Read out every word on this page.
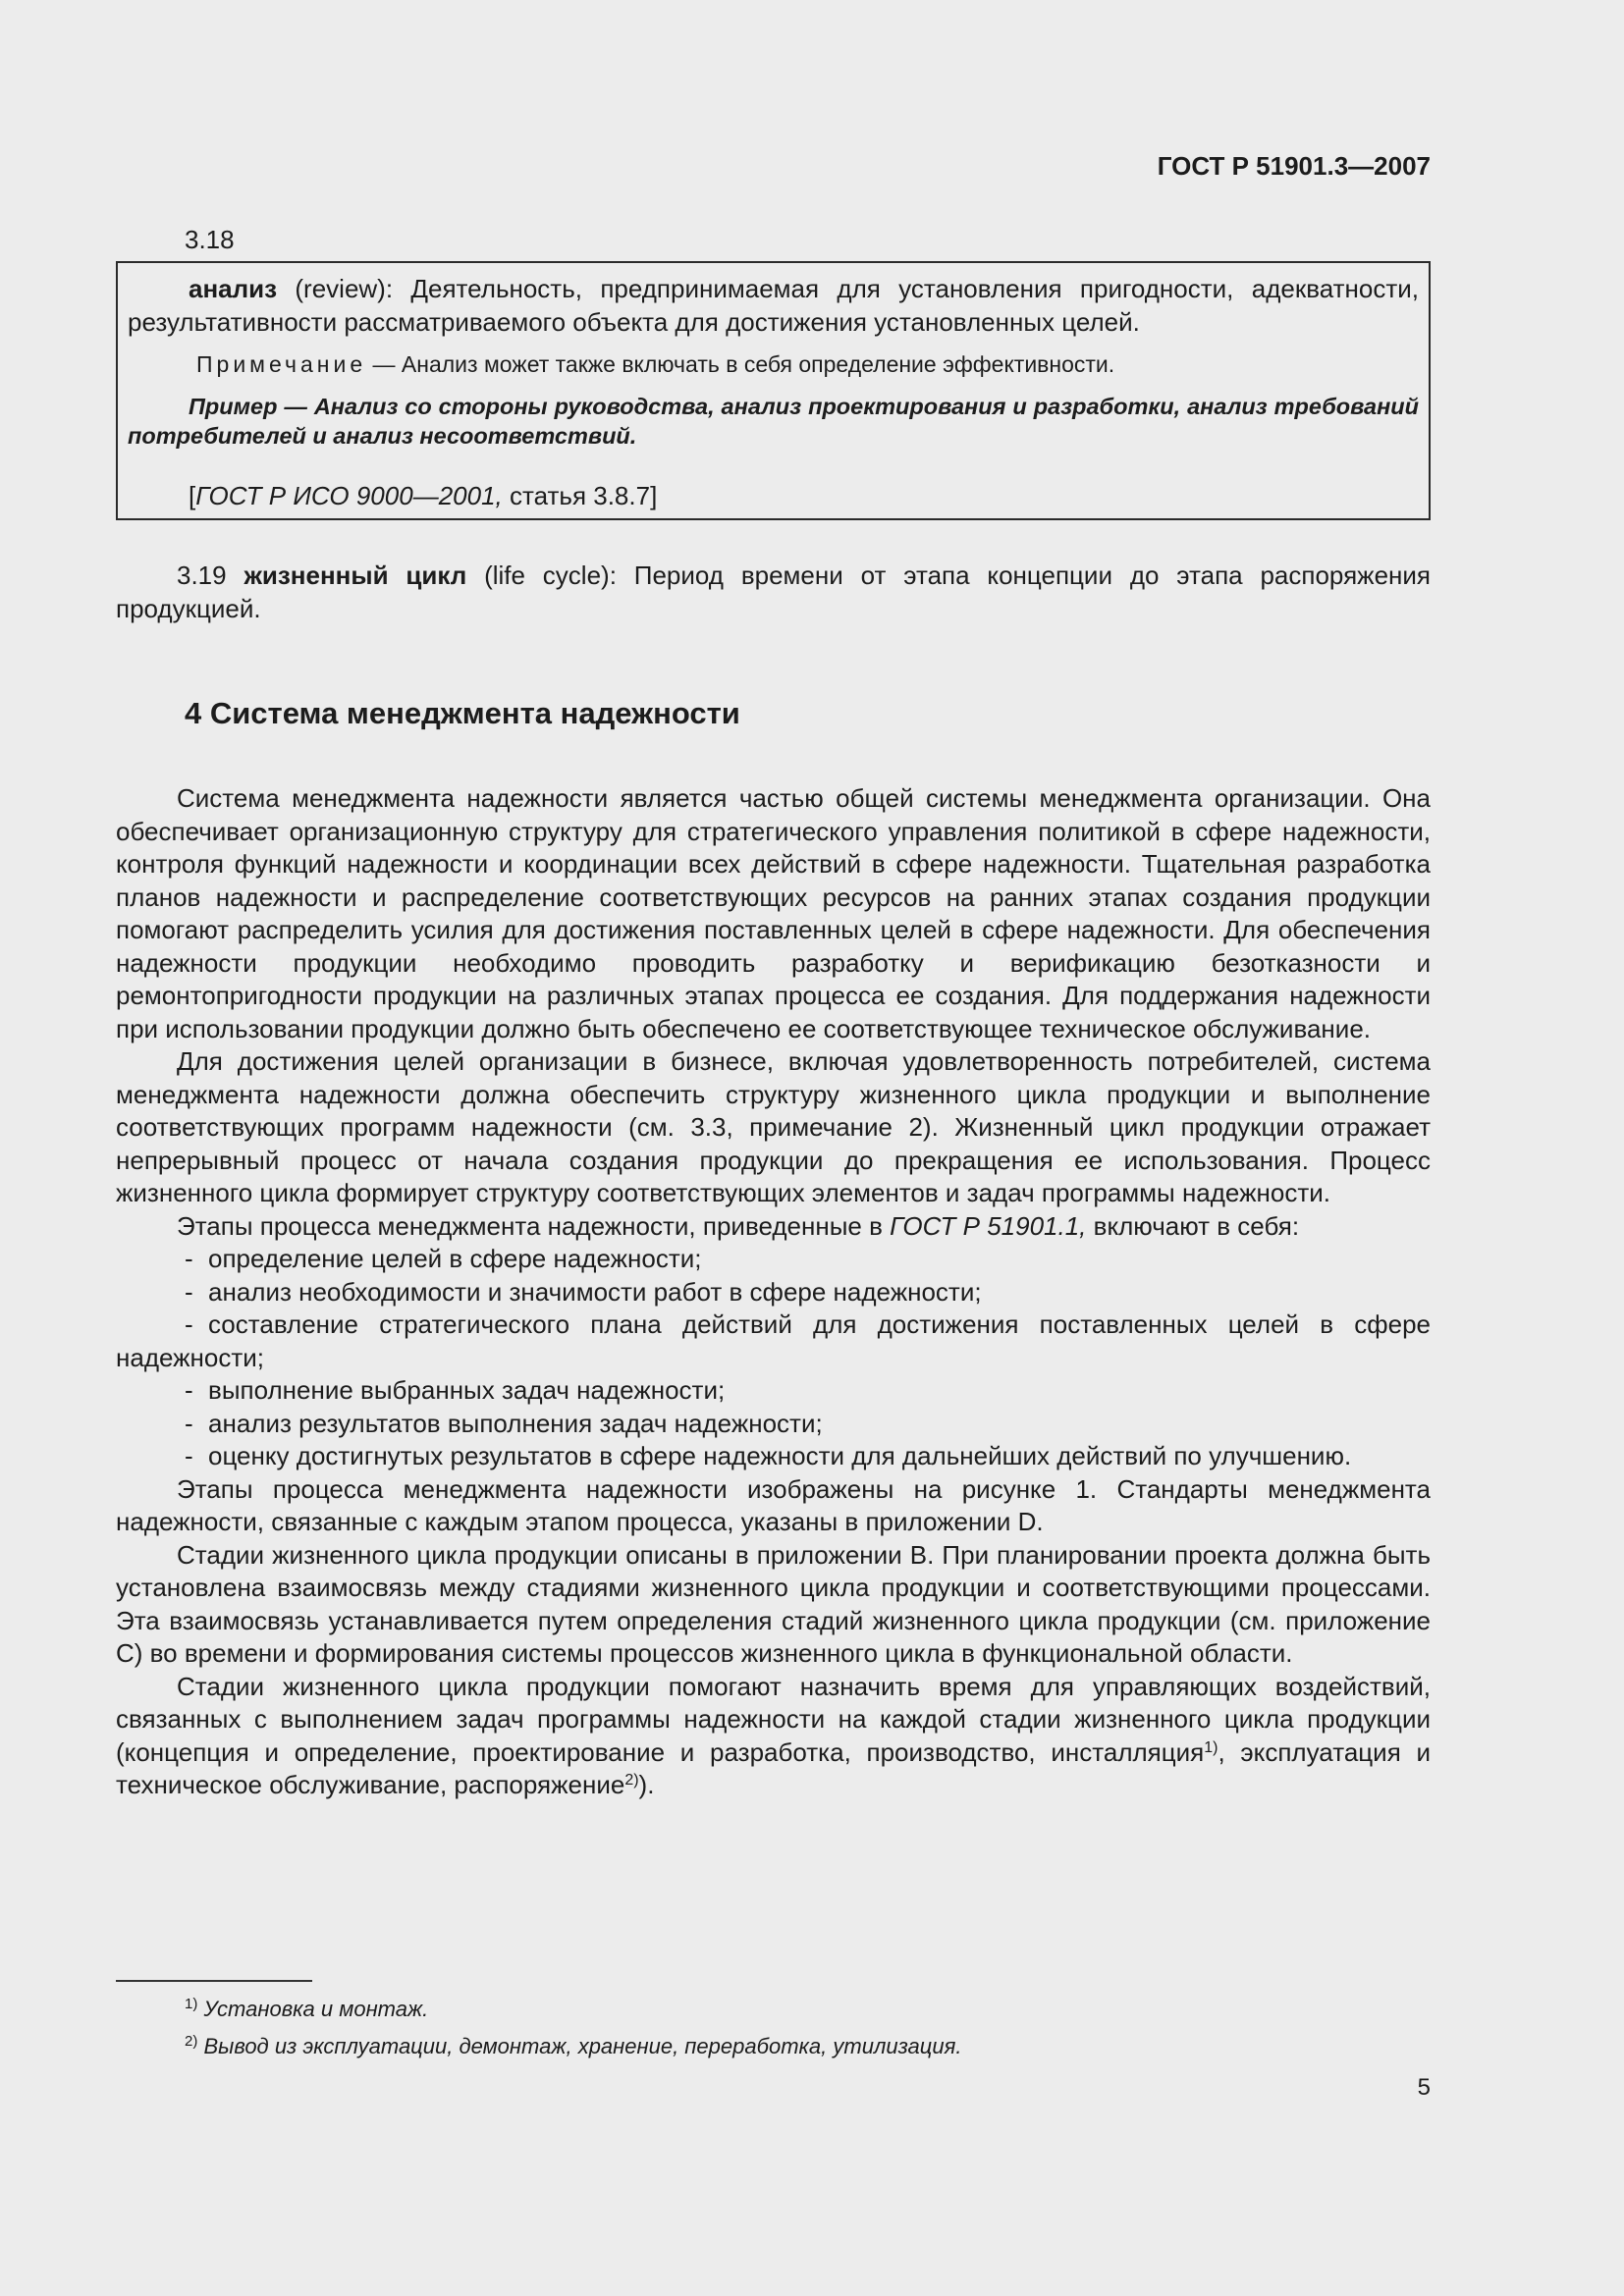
ГОСТ Р 51901.3—2007
3.18

анализ (review): Деятельность, предпринимаемая для установления пригодности, адекватности, результативности рассматриваемого объекта для достижения установленных целей.

Примечание — Анализ может также включать в себя определение эффективности.

Пример — Анализ со стороны руководства, анализ проектирования и разработки, анализ требований потребителей и анализ несоответствий.

[ГОСТ Р ИСО 9000—2001, статья 3.8.7]

3.19 жизненный цикл (life cycle): Период времени от этапа концепции до этапа распоряжения продукцией.

4 Система менеджмента надежности

Система менеджмента надежности является частью общей системы менеджмента организации. Она обеспечивает организационную структуру для стратегического управления политикой в сфере надежности, контроля функций надежности и координации всех действий в сфере надежности. Тщательная разработка планов надежности и распределение соответствующих ресурсов на ранних этапах создания продукции помогают распределить усилия для достижения поставленных целей в сфере надежности. Для обеспечения надежности продукции необходимо проводить разработку и верификацию безотказности и ремонтопригодности продукции на различных этапах процесса ее создания. Для поддержания надежности при использовании продукции должно быть обеспечено ее соответствующее техническое обслуживание.

Для достижения целей организации в бизнесе, включая удовлетворенность потребителей, система менеджмента надежности должна обеспечить структуру жизненного цикла продукции и выполнение соответствующих программ надежности (см. 3.3, примечание 2). Жизненный цикл продукции отражает непрерывный процесс от начала создания продукции до прекращения ее использования. Процесс жизненного цикла формирует структуру соответствующих элементов и задач программы надежности.

Этапы процесса менеджмента надежности, приведенные в ГОСТ Р 51901.1, включают в себя:

- определение целей в сфере надежности;

- анализ необходимости и значимости работ в сфере надежности;

- составление стратегического плана действий для достижения поставленных целей в сфере надежности;

- выполнение выбранных задач надежности;

- анализ результатов выполнения задач надежности;

- оценку достигнутых результатов в сфере надежности для дальнейших действий по улучшению.

Этапы процесса менеджмента надежности изображены на рисунке 1. Стандарты менеджмента надежности, связанные с каждым этапом процесса, указаны в приложении D.

Стадии жизненного цикла продукции описаны в приложении B. При планировании проекта должна быть установлена взаимосвязь между стадиями жизненного цикла продукции и соответствующими процессами. Эта взаимосвязь устанавливается путем определения стадий жизненного цикла продукции (см. приложение C) во времени и формирования системы процессов жизненного цикла в функциональной области.

Стадии жизненного цикла продукции помогают назначить время для управляющих воздействий, связанных с выполнением задач программы надежности на каждой стадии жизненного цикла продукции (концепция и определение, проектирование и разработка, производство, инсталляция$^{1)}$, эксплуатация и техническое обслуживание, распоряжение$^{2)}$).

$^{1)}$ Установка и монтаж.

$^{2)}$ Вывод из эксплуатации, демонтаж, хранение, переработка, утилизация.

5
